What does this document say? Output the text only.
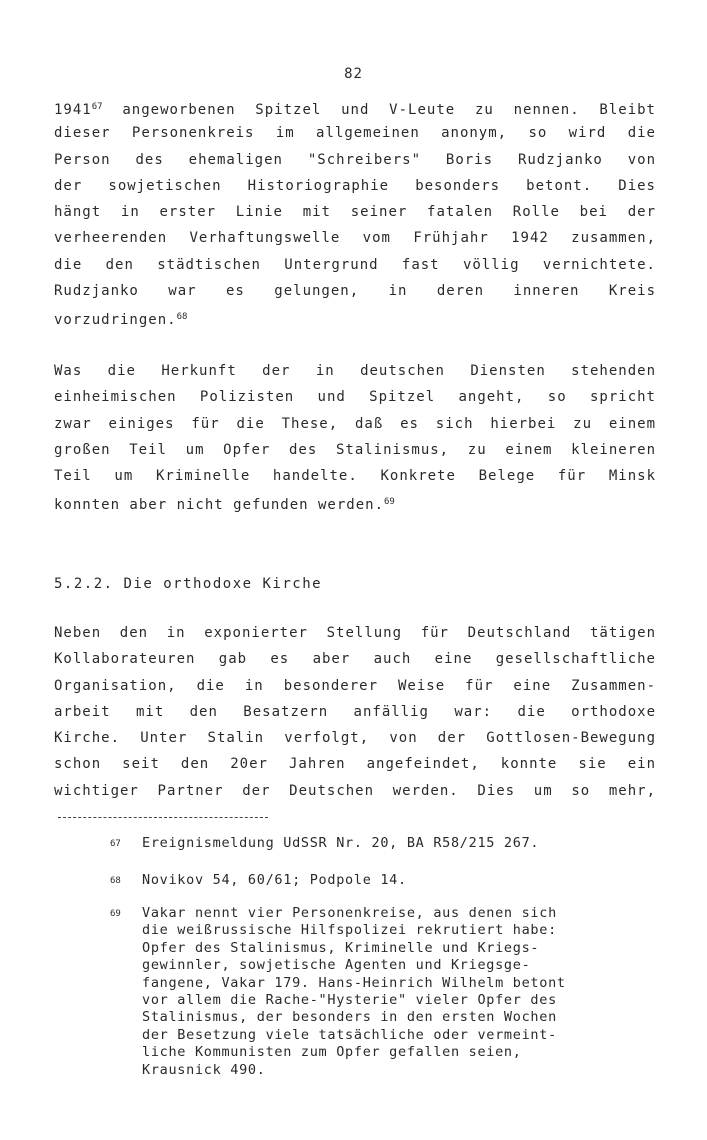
82
1941$^{67}$ angeworbenen Spitzel und V-Leute zu nennen. Bleibt
dieser Personenkreis im allgemeinen anonym, so wird die
Person des ehemaligen "Schreibers" Boris Rudzjanko von
der sowjetischen Historiographie besonders betont. Dies
hängt in erster Linie mit seiner fatalen Rolle bei der
verheerenden Verhaftungswelle vom Frühjahr 1942 zusammen,
die den städtischen Untergrund fast völlig vernichtete.
Rudzjanko war es gelungen, in deren inneren Kreis
vorzudringen.$^{68}$
Was die Herkunft der in deutschen Diensten stehenden
einheimischen Polizisten und Spitzel angeht, so spricht
zwar einiges für die These, daß es sich hierbei zu einem
großen Teil um Opfer des Stalinismus, zu einem kleineren
Teil um Kriminelle handelte. Konkrete Belege für Minsk
konnten aber nicht gefunden werden.$^{69}$
5.2.2. Die orthodoxe Kirche
Neben den in exponierter Stellung für Deutschland tätigen
Kollaborateuren gab es aber auch eine gesellschaftliche
Organisation, die in besonderer Weise für eine Zusammen-
arbeit mit den Besatzern anfällig war: die orthodoxe
Kirche. Unter Stalin verfolgt, von der Gottlosen-Bewegung
schon seit den 20er Jahren angefeindet, konnte sie ein
wichtiger Partner der Deutschen werden. Dies um so mehr,
67 Ereignismeldung UdSSR Nr. 20, BA R58/215 267.
68 Novikov 54, 60/61; Podpole 14.
69 Vakar nennt vier Personenkreise, aus denen sich
die weißrussische Hilfspolizei rekrutiert habe:
Opfer des Stalinismus, Kriminelle und Kriegs-
gewinnler, sowjetische Agenten und Kriegsge-
fangene, Vakar 179. Hans-Heinrich Wilhelm betont
vor allem die Rache-"Hysterie" vieler Opfer des
Stalinismus, der besonders in den ersten Wochen
der Besetzung viele tatsächliche oder vermeint-
liche Kommunisten zum Opfer gefallen seien,
Krausnick 490.
